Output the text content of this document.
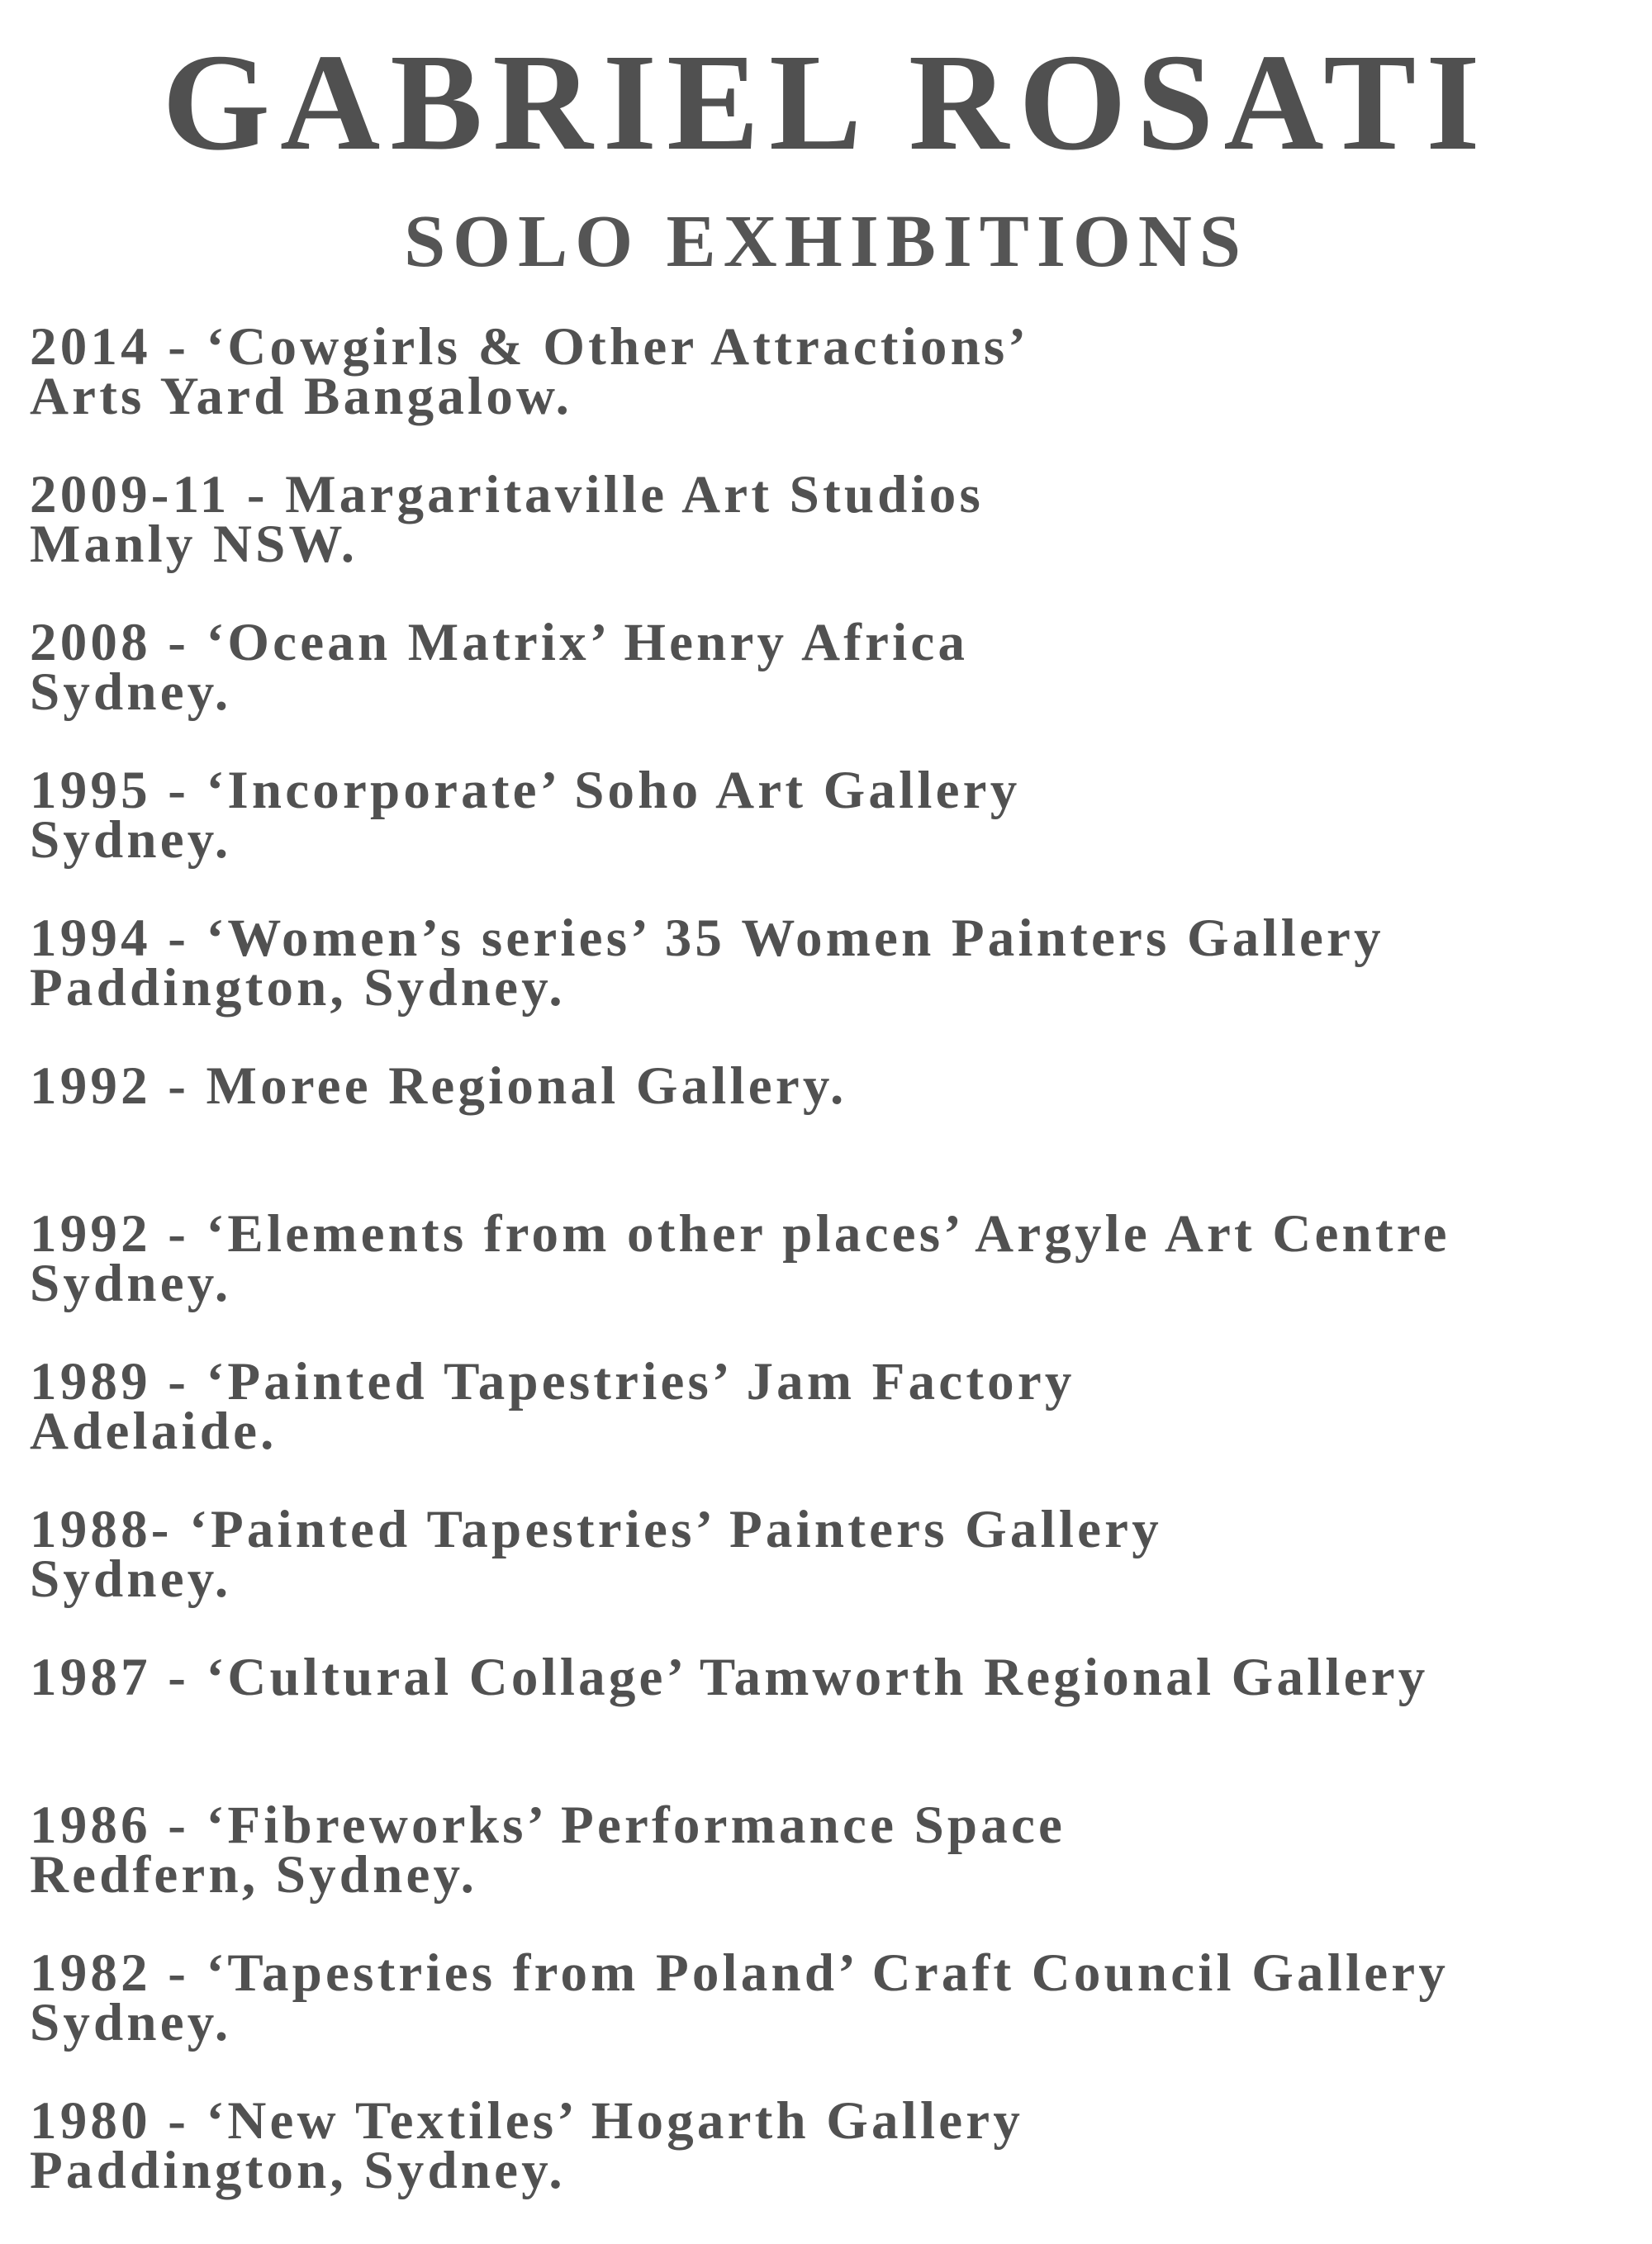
GABRIEL ROSATI
SOLO EXHIBITIONS
2014 - ‘Cowgirls & Other Attractions’
Arts Yard Bangalow.
2009-11 - Margaritaville Art Studios
Manly NSW.
2008 - ‘Ocean Matrix’ Henry Africa
Sydney.
1995 - ‘Incorporate’ Soho Art Gallery
Sydney.
1994 - ‘Women’s series’ 35 Women Painters Gallery
Paddington, Sydney.
1992 - Moree Regional Gallery.
1992 - ‘Elements from other places’ Argyle Art Centre
Sydney.
1989 - ‘Painted Tapestries’ Jam Factory
Adelaide.
1988- ‘Painted Tapestries’ Painters Gallery
Sydney.
1987 - ‘Cultural Collage’ Tamworth Regional Gallery
1986 - ‘Fibreworks’ Performance Space
Redfern, Sydney.
1982 - ‘Tapestries from Poland’ Craft Council Gallery
Sydney.
1980 - ‘New Textiles’ Hogarth Gallery
Paddington, Sydney.
